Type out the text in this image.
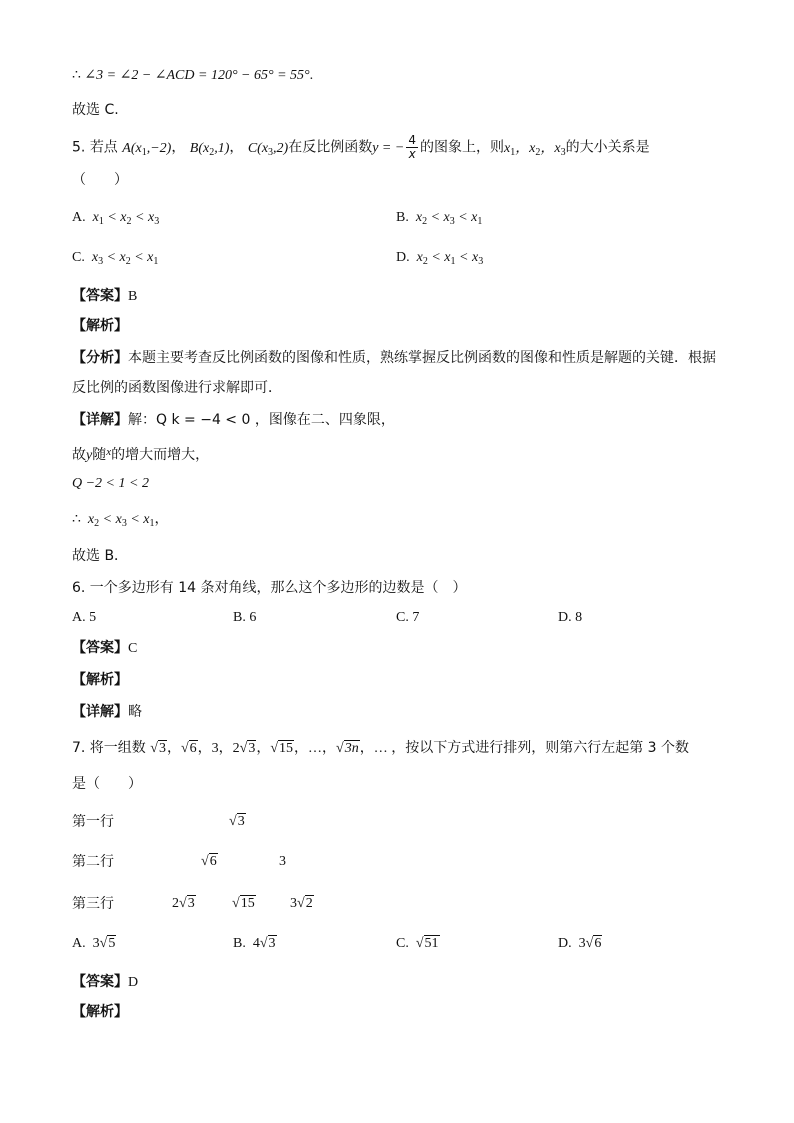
∴ ∠3 = ∠2 − ∠ACD = 120° − 65° = 55°.
故选 C.
5. 若点 $A(x_1,-2)$， $B(x_2,1)$， $C(x_3,2)$在反比例函数y = − $\frac{4}{x}$ 的图象上，则$x_1$，$x_2$，$x_3$的大小关系是
（　　）
A.  $x_1 < x_2 < x_3$	B.  $x_2 < x_3 < x_1$
C.  $x_3 < x_2 < x_1$	D.  $x_2 < x_1 < x_3$
【答案】B
【解析】
【分析】本题主要考查反比例函数的图像和性质，熟练掌握反比例函数的图像和性质是解题的关键．根据
反比例的函数图像进行求解即可．
【详解】解：Q k = −4 < 0 ，图像在二、四象限，
故y随$^x$的增大而增大，
Q −2 < 1 < 2
∴  $x_2 < x_3 < x_1$，
故选 B．
6. 一个多边形有 14 条对角线，那么这个多边形的边数是（　）
A. 5	B. 6	C. 7	D. 8
【答案】C
【解析】
【详解】略
7. 将一组数 √3，√6，3，2√3，√15，…，√3n，… ，按以下方式进行排列，则第六行左起第 3 个数
是（　　）
第一行	√3
第二行	√6	3
第三行	2√3	√15	3√2
A.  3√5	B.  4√3	C. √51	D.  3√6
【答案】D
【解析】
